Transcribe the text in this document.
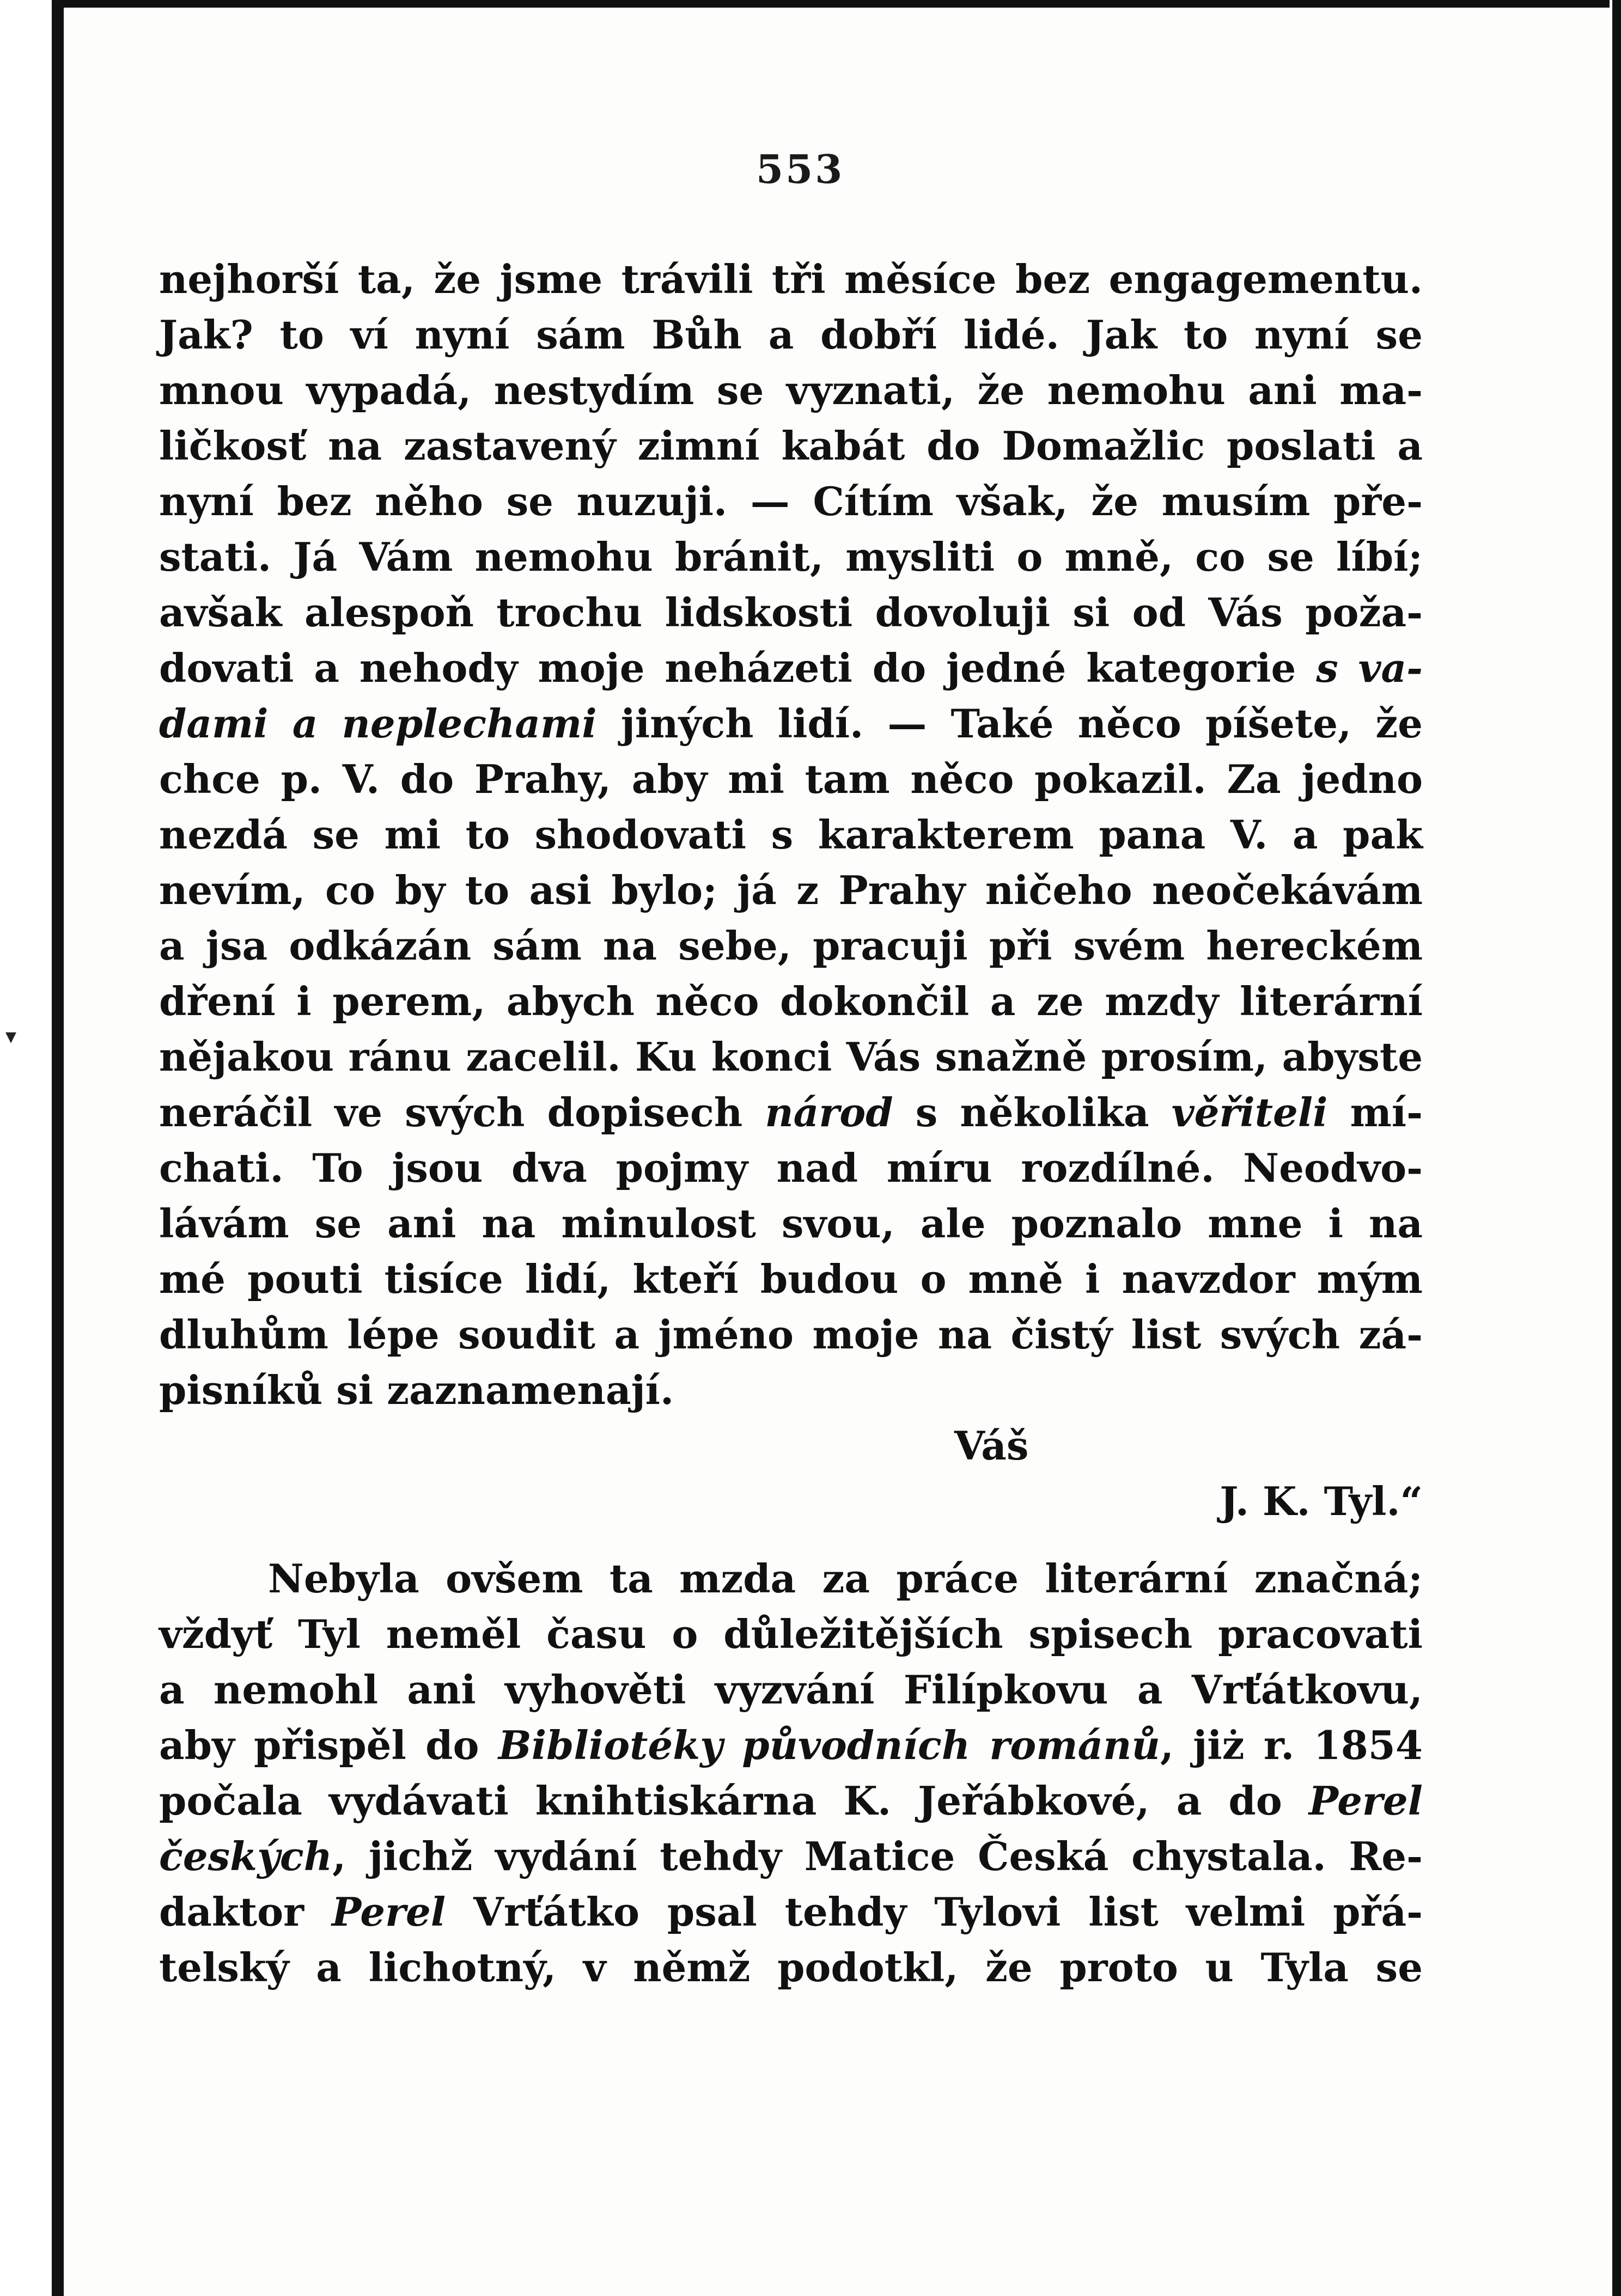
▾
553
nejhorší ta, že jsme trávili tři měsíce bez engagementu.
Jak? to ví nyní sám Bůh a dobří lidé. Jak to nyní se
mnou vypadá, nestydím se vyznati, že nemohu ani ma-
ličkosť na zastavený zimní kabát do Domažlic poslati a
nyní bez něho se nuzuji. — Cítím však, že musím pře-
stati. Já Vám nemohu bránit, mysliti o mně, co se líbí;
avšak alespoň trochu lidskosti dovoluji si od Vás poža-
dovati a nehody moje neházeti do jedné kategorie s va-
dami a neplechami jiných lidí. — Také něco píšete, že
chce p. V. do Prahy, aby mi tam něco pokazil. Za jedno
nezdá se mi to shodovati s karakterem pana V. a pak
nevím, co by to asi bylo; já z Prahy ničeho neočekávám
a jsa odkázán sám na sebe, pracuji při svém hereckém
dření i perem, abych něco dokončil a ze mzdy literární
nějakou ránu zacelil. Ku konci Vás snažně prosím, abyste
neráčil ve svých dopisech národ s několika věřiteli mí-
chati. To jsou dva pojmy nad míru rozdílné. Neodvo-
lávám se ani na minulost svou, ale poznalo mne i na
mé pouti tisíce lidí, kteří budou o mně i navzdor mým
dluhům lépe soudit a jméno moje na čistý list svých zá-
pisníků si zaznamenají.
Váš
J. K. Tyl.“
Nebyla ovšem ta mzda za práce literární značná;
vždyť Tyl neměl času o důležitějších spisech pracovati
a nemohl ani vyhověti vyzvání Filípkovu a Vrťátkovu,
aby přispěl do Bibliotéky původních románů, jiż r. 1854
počala vydávati knihtiskárna K. Jeřábkové, a do Perel
českých, jichž vydání tehdy Matice Česká chystala. Re-
daktor Perel Vrťátko psal tehdy Tylovi list velmi přá-
telský a lichotný, v němž podotkl, že proto u Tyla se
